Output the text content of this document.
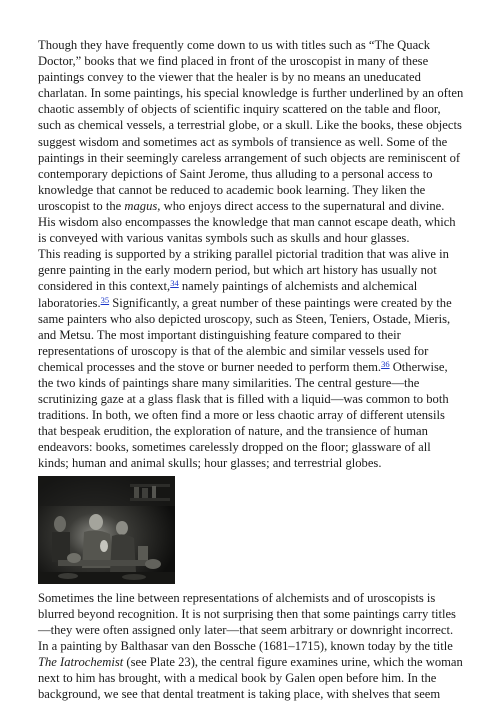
Though they have frequently come down to us with titles such as “The Quack Doctor,” books that we find placed in front of the uroscopist in many of these paintings convey to the viewer that the healer is by no means an uneducated charlatan. In some paintings, his special knowledge is further underlined by an often chaotic assembly of objects of scientific inquiry scattered on the table and floor, such as chemical vessels, a terrestrial globe, or a skull. Like the books, these objects suggest wisdom and sometimes act as symbols of transience as well. Some of the paintings in their seemingly careless arrangement of such objects are reminiscent of contemporary depictions of Saint Jerome, thus alluding to a personal access to knowledge that cannot be reduced to academic book learning. They liken the uroscopist to the magus, who enjoys direct access to the supernatural and divine. His wisdom also encompasses the knowledge that man cannot escape death, which is conveyed with various vanitas symbols such as skulls and hour glasses.

This reading is supported by a striking parallel pictorial tradition that was alive in genre painting in the early modern period, but which art history has usually not considered in this context,$^{34}$ namely paintings of alchemists and alchemical laboratories.$^{35}$ Significantly, a great number of these paintings were created by the same painters who also depicted uroscopy, such as Steen, Teniers, Ostade, Mieris, and Metsu. The most important distinguishing feature compared to their representations of uroscopy is that of the alembic and similar vessels used for chemical processes and the stove or burner needed to perform them.$^{36}$ Otherwise, the two kinds of paintings share many similarities. The central gesture—the scrutinizing gaze at a glass flask that is filled with a liquid—was common to both traditions. In both, we often find a more or less chaotic array of different utensils that bespeak erudition, the exploration of nature, and the transience of human endeavors: books, sometimes carelessly dropped on the floor; glassware of all kinds; human and animal skulls; hour glasses; and terrestrial globes.

Sometimes the line between representations of alchemists and of uroscopists is blurred beyond recognition. It is not surprising then that some paintings carry titles —they were often assigned only later—that seem arbitrary or downright incorrect. In a painting by Balthasar van den Bossche (1681–1715), known today by the title The Iatrochemist (see Plate 23), the central figure examines urine, which the woman next to him has brought, with a medical book by Galen open before him. In the background, we see that dental treatment is taking place, with shelves that seem
